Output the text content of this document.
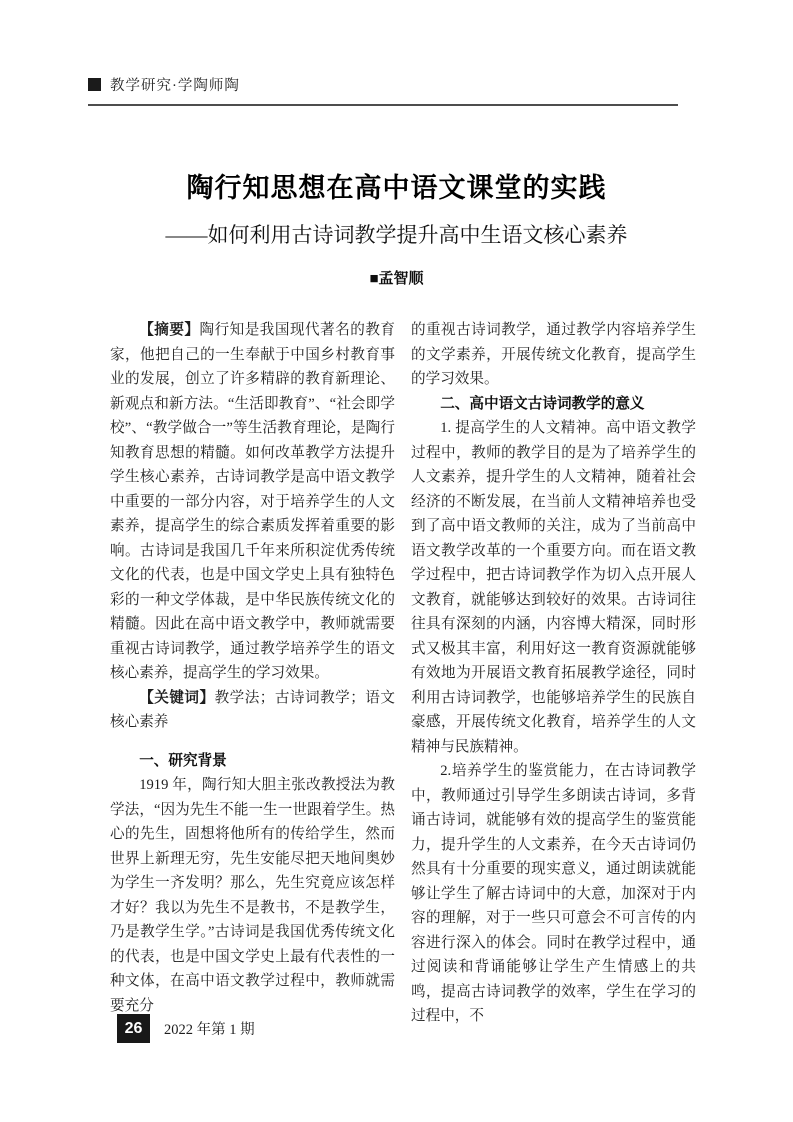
教学研究·学陶师陶
陶行知思想在高中语文课堂的实践
——如何利用古诗词教学提升高中生语文核心素养
■孟智顺

【摘要】陶行知是我国现代著名的教育家，他把自己的一生奉献于中国乡村教育事业的发展，创立了许多精辟的教育新理论、新观点和新方法。“生活即教育”、“社会即学校”、“教学做合一”等生活教育理论，是陶行知教育思想的精髓。如何改革教学方法提升学生核心素养，古诗词教学是高中语文教学中重要的一部分内容，对于培养学生的人文素养，提高学生的综合素质发挥着重要的影响。古诗词是我国几千年来所积淀优秀传统文化的代表，也是中国文学史上具有独特色彩的一种文学体裁，是中华民族传统文化的精髓。因此在高中语文教学中，教师就需要重视古诗词教学，通过教学培养学生的语文核心素养，提高学生的学习效果。

【关键词】教学法；古诗词教学；语文核心素养

一、研究背景

1919 年，陶行知大胆主张改教授法为教学法，“因为先生不能一生一世跟着学生。热心的先生，固想将他所有的传给学生，然而世界上新理无穷，先生安能尽把天地间奥妙为学生一齐发明？那么，先生究竟应该怎样才好？我以为先生不是教书，不是教学生，乃是教学生学。”古诗词是我国优秀传统文化的代表，也是中国文学史上最有代表性的一种文体，在高中语文教学过程中，教师就需要充分

的重视古诗词教学，通过教学内容培养学生的文学素养，开展传统文化教育，提高学生的学习效果。

二、高中语文古诗词教学的意义

1. 提高学生的人文精神。高中语文教学过程中，教师的教学目的是为了培养学生的人文素养，提升学生的人文精神，随着社会经济的不断发展，在当前人文精神培养也受到了高中语文教师的关注，成为了当前高中语文教学改革的一个重要方向。而在语文教学过程中，把古诗词教学作为切入点开展人文教育，就能够达到较好的效果。古诗词往往具有深刻的内涵，内容博大精深，同时形式又极其丰富，利用好这一教育资源就能够有效地为开展语文教育拓展教学途径，同时利用古诗词教学，也能够培养学生的民族自豪感，开展传统文化教育，培养学生的人文精神与民族精神。

2.培养学生的鉴赏能力，在古诗词教学中，教师通过引导学生多朗读古诗词，多背诵古诗词，就能够有效的提高学生的鉴赏能力，提升学生的人文素养，在今天古诗词仍然具有十分重要的现实意义，通过朗读就能够让学生了解古诗词中的大意，加深对于内容的理解，对于一些只可意会不可言传的内容进行深入的体会。同时在教学过程中，通过阅读和背诵能够让学生产生情感上的共鸣，提高古诗词教学的效率，学生在学习的过程中，不

26	2022 年第 1 期
